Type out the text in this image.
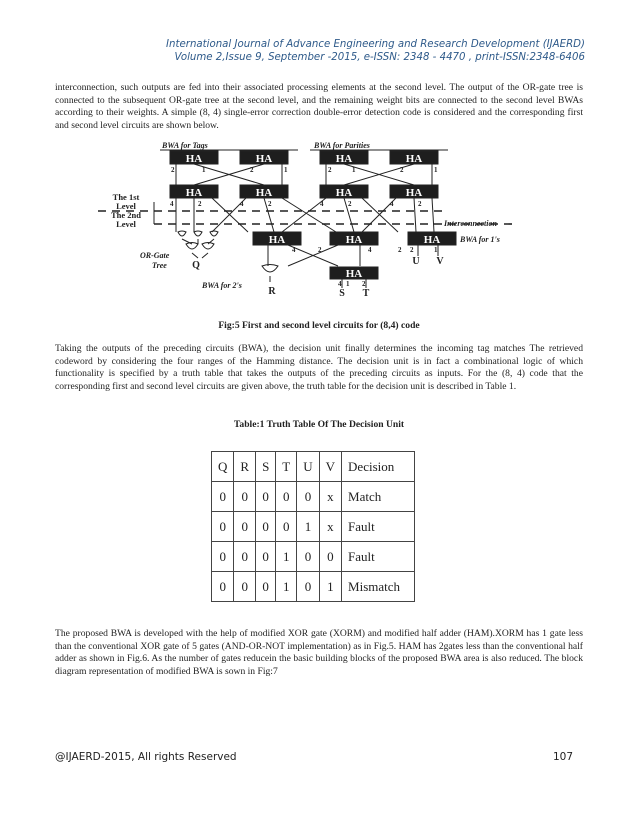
International Journal of Advance Engineering and Research Development (IJAERD)
Volume 2,Issue 9, September -2015, e-ISSN: 2348 - 4470 , print-ISSN:2348-6406

interconnection, such outputs are fed into their associated processing elements at the second level. The output of the OR-gate tree is connected to the subsequent OR-gate tree at the second level, and the remaining weight bits are connected to the second level BWAs according to their weights. A simple (8, 4) single-error correction double-error detection code is considered and the corresponding first and second level circuits are shown below.

BWA for Tags	BWA for Parities
HA	HA	HA	HA
HA	HA	HA	HA
HA	HA	HA
HA
2	1	2	1	2	1	2	1
4	2	4	2	4	2	4	2
4	2	4	2 2	1
4 1 2
The 1st
Level
The 2nd
Level	Interconnection
OR-Gate
Tree
BWA for 1's
BWA for 2's
Q	U V
R	S T

Fig:5 First and second level circuits for (8,4) code

Taking the outputs of the preceding circuits (BWA), the decision unit finally determines the incoming tag matches The retrieved codeword by considering the four ranges of the Hamming distance. The decision unit is in fact a combinational logic of which functionality is specified by a truth table that takes the outputs of the preceding circuits as inputs. For the (8, 4) code that the corresponding first and second level circuits are given above, the truth table for the decision unit is described in Table 1.

Table:1 Truth Table Of The Decision Unit

Q	R	S	T	U	V	Decision
0	0	0	0	0	x	Match
0	0	0	0	1	x	Fault
0	0	0	1	0	0	Fault
0	0	0	1	0	1	Mismatch

The proposed BWA is developed with the help of modified XOR gate (XORM) and modified half adder (HAM).XORM has 1 gate less than the conventional XOR gate of 5 gates (AND-OR-NOT implementation) as in Fig.5. HAM has 2gates less than the conventional half adder as shown in Fig.6. As the number of gates reducein the basic building blocks of the proposed BWA area is also reduced. The block diagram representation of modified BWA is sown in Fig:7

@IJAERD-2015, All rights Reserved	107
